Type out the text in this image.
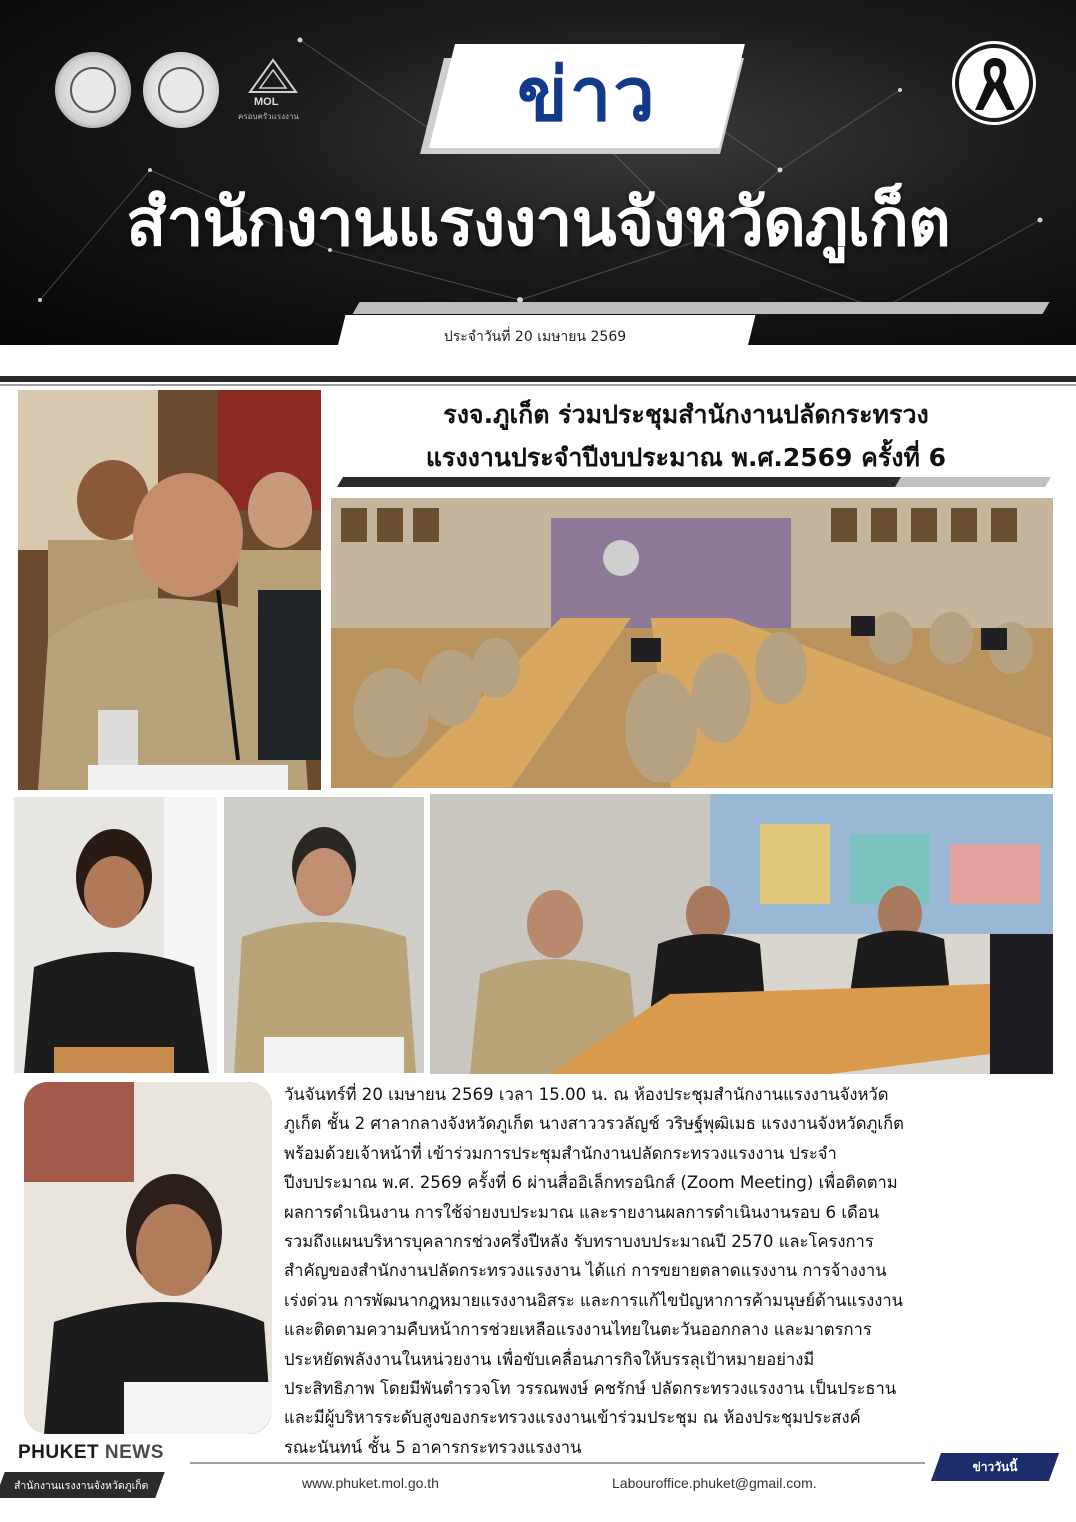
MOL
ครอบครัวแรงงาน	ข่าว
สำนักงานแรงงานจังหวัดภูเก็ต
ประจำวันที่ 20 เมษายน 2569
รงจ.ภูเก็ต ร่วมประชุมสำนักงานปลัดกระทรวง
แรงงานประจำปีงบประมาณ พ.ศ.2569 ครั้งที่ 6
วันจันทร์ที่ 20 เมษายน 2569 เวลา 15.00 น. ณ ห้องประชุมสำนักงานแรงงานจังหวัด
ภูเก็ต ชั้น 2 ศาลากลางจังหวัดภูเก็ต นางสาววรวลัญช์ วริษฐ์พุฒิเมธ แรงงานจังหวัดภูเก็ต
พร้อมด้วยเจ้าหน้าที่ เข้าร่วมการประชุมสำนักงานปลัดกระทรวงแรงงาน ประจำ
ปีงบประมาณ พ.ศ. 2569 ครั้งที่ 6 ผ่านสื่ออิเล็กทรอนิกส์ (Zoom Meeting) เพื่อติดตาม
ผลการดำเนินงาน การใช้จ่ายงบประมาณ และรายงานผลการดำเนินงานรอบ 6 เดือน
รวมถึงแผนบริหารบุคลากรช่วงครึ่งปีหลัง รับทราบงบประมาณปี 2570 และโครงการ
สำคัญของสำนักงานปลัดกระทรวงแรงงาน ได้แก่ การขยายตลาดแรงงาน การจ้างงาน
เร่งด่วน การพัฒนากฎหมายแรงงานอิสระ และการแก้ไขปัญหาการค้ามนุษย์ด้านแรงงาน
และติดตามความคืบหน้าการช่วยเหลือแรงงานไทยในตะวันออกกลาง และมาตรการ
ประหยัดพลังงานในหน่วยงาน เพื่อขับเคลื่อนภารกิจให้บรรลุเป้าหมายอย่างมี
ประสิทธิภาพ โดยมีพันตำรวจโท วรรณพงษ์ คชรักษ์ ปลัดกระทรวงแรงงาน เป็นประธาน
และมีผู้บริหารระดับสูงของกระทรวงแรงงานเข้าร่วมประชุม ณ ห้องประชุมประสงค์
รณะนันทน์ ชั้น 5 อาคารกระทรวงแรงงาน
PHUKET NEWS
สำนักงานแรงงานจังหวัดภูเก็ต
ข่าววันนี้
www.phuket.mol.go.th	Labouroffice.phuket@gmail.com.
